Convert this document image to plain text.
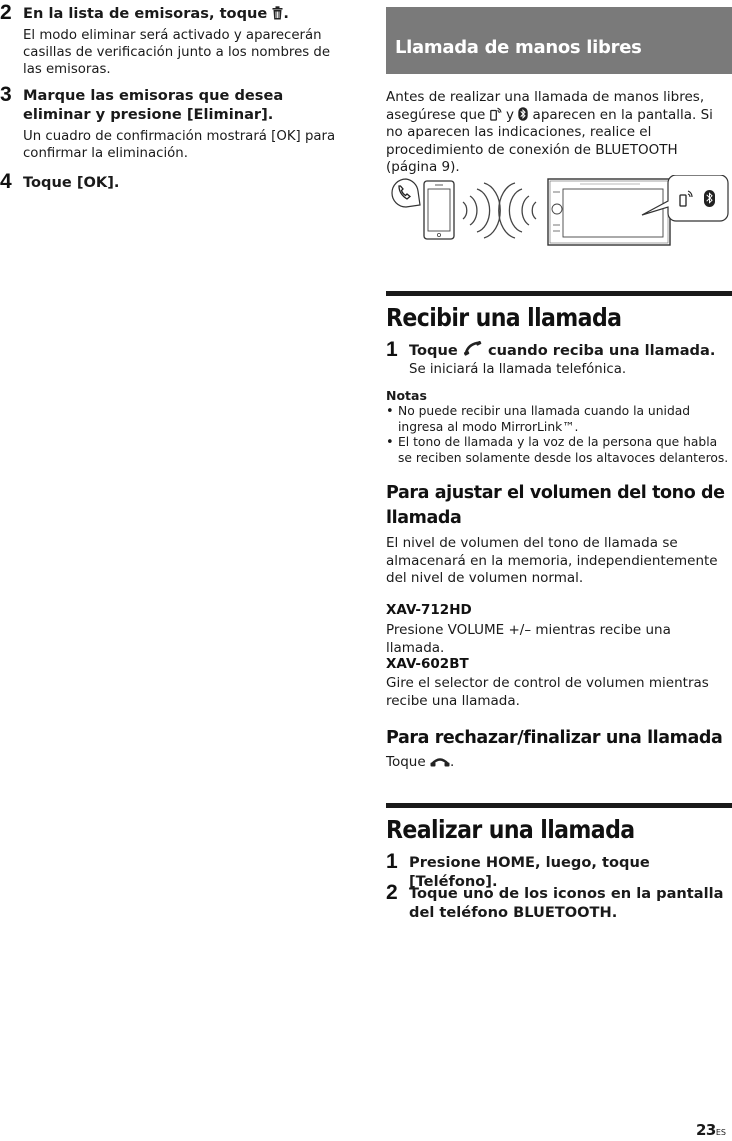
2 En la lista de emisoras, toque .
El modo eliminar será activado y aparecerán casillas de verificación junto a los nombres de las emisoras.
3 Marque las emisoras que desea eliminar y presione [Eliminar].
Un cuadro de confirmación mostrará [OK] para confirmar la eliminación.
4 Toque [OK].
Llamada de manos libres
Antes de realizar una llamada de manos libres, asegúrese que y aparecen en la pantalla. Si no aparecen las indicaciones, realice el procedimiento de conexión de BLUETOOTH (página 9).
Recibir una llamada
1 Toque cuando reciba una llamada.
Se iniciará la llamada telefónica.
Notas
• No puede recibir una llamada cuando la unidad ingresa al modo MirrorLink™.
• El tono de llamada y la voz de la persona que habla se reciben solamente desde los altavoces delanteros.
Para ajustar el volumen del tono de llamada
El nivel de volumen del tono de llamada se almacenará en la memoria, independientemente del nivel de volumen normal.
XAV-712HD
Presione VOLUME +/– mientras recibe una llamada.
XAV-602BT
Gire el selector de control de volumen mientras recibe una llamada.
Para rechazar/finalizar una llamada
Toque .
Realizar una llamada
1 Presione HOME, luego, toque [Teléfono].
2 Toque uno de los iconos en la pantalla del teléfono BLUETOOTH.
23ES
